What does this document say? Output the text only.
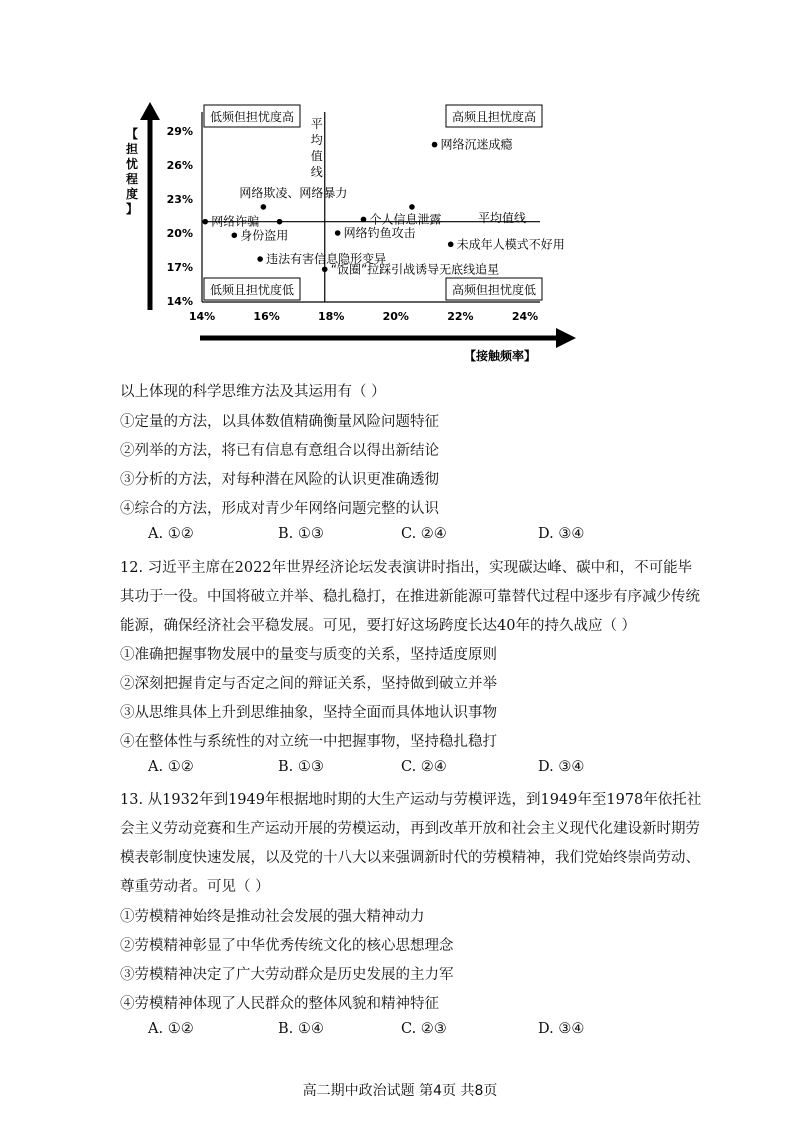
平均值线
平均值线
低频但担忧度高	高频且担忧度高
低频且担忧度低	高频但担忧度低
【担忧程度】
【接触频率】
14%	16%	18%	20%	22%	24%
14%
17%
20%
23%
26%
29%
网络沉迷成瘾
网络欺凌、网络暴力
网络诈骗
身份盗用
违法有害信息隐形变异
个人信息泄露
网络钓鱼攻击
“饭圈”拉踩引战诱导无底线追星
未成年人模式不好用
以上体现的科学思维方法及其运用有（ ）
①定量的方法，以具体数值精确衡量风险问题特征
②列举的方法，将已有信息有意组合以得出新结论
③分析的方法，对每种潜在风险的认识更准确透彻
④综合的方法，形成对青少年网络问题完整的认识
A. ①②	B. ①③	C. ②④	D. ③④
12. 习近平主席在2022年世界经济论坛发表演讲时指出，实现碳达峰、碳中和，不可能毕
其功于一役。中国将破立并举、稳扎稳打，在推进新能源可靠替代过程中逐步有序减少传统
能源，确保经济社会平稳发展。可见，要打好这场跨度长达40年的持久战应（ ）
①准确把握事物发展中的量变与质变的关系，坚持适度原则
②深刻把握肯定与否定之间的辩证关系，坚持做到破立并举
③从思维具体上升到思维抽象，坚持全面而具体地认识事物
④在整体性与系统性的对立统一中把握事物，坚持稳扎稳打
A. ①②	B. ①③	C. ②④	D. ③④
13. 从1932年到1949年根据地时期的大生产运动与劳模评选，到1949年至1978年依托社
会主义劳动竞赛和生产运动开展的劳模运动，再到改革开放和社会主义现代化建设新时期劳
模表彰制度快速发展，以及党的十八大以来强调新时代的劳模精神，我们党始终崇尚劳动、
尊重劳动者。可见（ ）
①劳模精神始终是推动社会发展的强大精神动力
②劳模精神彰显了中华优秀传统文化的核心思想理念
③劳模精神决定了广大劳动群众是历史发展的主力军
④劳模精神体现了人民群众的整体风貌和精神特征
A. ①②	B. ①④	C. ②③	D. ③④
高二期中政治试题 第4页 共8页
